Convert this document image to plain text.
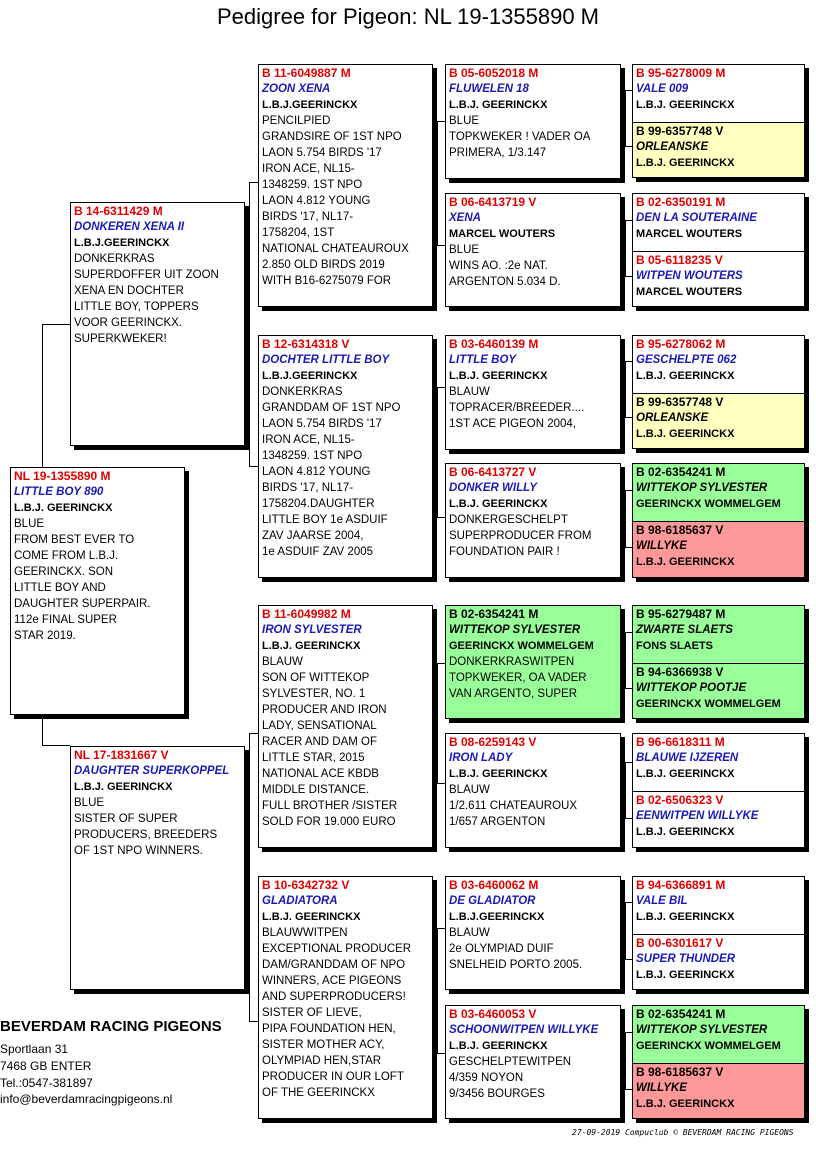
Pedigree for Pigeon: NL 19-1355890 M
NL 19-1355890 M
LITTLE BOY 890
L.B.J. GEERINCKX
BLUE
FROM BEST EVER TO
COME FROM L.B.J.
GEERINCKX. SON
LITTLE BOY AND
DAUGHTER SUPERPAIR.
112e FINAL SUPER
STAR 2019.
B 14-6311429 M
DONKEREN XENA II
L.B.J.GEERINCKX
DONKERKRAS
SUPERDOFFER UIT ZOON
XENA EN DOCHTER
LITTLE BOY, TOPPERS
VOOR GEERINCKX.
SUPERKWEKER!
NL 17-1831667 V
DAUGHTER SUPERKOPPEL
L.B.J. GEERINCKX
BLUE
SISTER OF SUPER
PRODUCERS, BREEDERS
OF 1ST NPO WINNERS.
B 11-6049887 M
ZOON XENA
L.B.J.GEERINCKX
PENCILPIED
GRANDSIRE OF 1ST NPO
LAON 5.754 BIRDS '17
IRON ACE, NL15-
1348259. 1ST NPO
LAON 4.812 YOUNG
BIRDS '17, NL17-
1758204, 1ST
NATIONAL CHATEAUROUX
2.850 OLD BIRDS 2019
WITH B16-6275079 FOR
B 12-6314318 V
DOCHTER LITTLE BOY
L.B.J.GEERINCKX
DONKERKRAS
GRANDDAM OF 1ST NPO
LAON 5.754 BIRDS '17
IRON ACE, NL15-
1348259. 1ST NPO
LAON 4.812 YOUNG
BIRDS '17, NL17-
1758204.DAUGHTER
LITTLE BOY 1e ASDUIF
ZAV JAARSE 2004,
1e ASDUIF ZAV 2005
B 11-6049982 M
IRON SYLVESTER
L.B.J. GEERINCKX
BLAUW
SON OF WITTEKOP
SYLVESTER, NO. 1
PRODUCER AND IRON
LADY, SENSATIONAL
RACER AND DAM OF
LITTLE STAR, 2015
NATIONAL ACE KBDB
MIDDLE DISTANCE.
FULL BROTHER /SISTER
SOLD FOR 19.000 EURO
B 10-6342732 V
GLADIATORA
L.B.J. GEERINCKX
BLAUWWITPEN
EXCEPTIONAL PRODUCER
DAM/GRANDDAM OF NPO
WINNERS, ACE PIGEONS
AND SUPERPRODUCERS!
SISTER OF LIEVE,
PIPA FOUNDATION HEN,
SISTER MOTHER ACY,
OLYMPIAD HEN,STAR
PRODUCER IN OUR LOFT
OF THE GEERINCKX
B 05-6052018 M
FLUWELEN 18
L.B.J. GEERINCKX
BLUE
TOPKWEKER ! VADER OA
PRIMERA, 1/3.147
B 06-6413719 V
XENA
MARCEL WOUTERS
BLUE
WINS AO. :2e NAT.
ARGENTON 5.034 D.
B 03-6460139 M
LITTLE BOY
L.B.J. GEERINCKX
BLAUW
TOPRACER/BREEDER....
1ST ACE PIGEON 2004,
B 06-6413727 V
DONKER WILLY
L.B.J. GEERINCKX
DONKERGESCHELPT
SUPERPRODUCER FROM
FOUNDATION PAIR !
B 02-6354241 M
WITTEKOP SYLVESTER
GEERINCKX WOMMELGEM
DONKERKRASWITPEN
TOPKWEKER, OA VADER
VAN ARGENTO, SUPER
B 08-6259143 V
IRON LADY
L.B.J. GEERINCKX
BLAUW
1/2.611 CHATEAUROUX
1/657 ARGENTON
B 03-6460062 M
DE GLADIATOR
L.B.J.GEERINCKX
BLAUW
2e OLYMPIAD DUIF
SNELHEID PORTO 2005.
B 03-6460053 V
SCHOONWITPEN WILLYKE
L.B.J. GEERINCKX
GESCHELPTEWITPEN
4/359 NOYON
9/3456 BOURGES
B 95-6278009 M
VALE 009
L.B.J. GEERINCKX
B 99-6357748 V
ORLEANSKE
L.B.J. GEERINCKX
B 02-6350191 M
DEN LA SOUTERAINE
MARCEL WOUTERS
B 05-6118235 V
WITPEN WOUTERS
MARCEL WOUTERS
B 95-6278062 M
GESCHELPTE 062
L.B.J. GEERINCKX
B 99-6357748 V
ORLEANSKE
L.B.J. GEERINCKX
B 02-6354241 M
WITTEKOP SYLVESTER
GEERINCKX WOMMELGEM
B 98-6185637 V
WILLYKE
L.B.J. GEERINCKX
B 95-6279487 M
ZWARTE SLAETS
FONS SLAETS
B 94-6366938 V
WITTEKOP POOTJE
GEERINCKX WOMMELGEM
B 96-6618311 M
BLAUWE IJZEREN
L.B.J. GEERINCKX
B 02-6506323 V
EENWITPEN WILLYKE
L.B.J. GEERINCKX
B 94-6366891 M
VALE BIL
L.B.J. GEERINCKX
B 00-6301617 V
SUPER THUNDER
L.B.J. GEERINCKX
B 02-6354241 M
WITTEKOP SYLVESTER
GEERINCKX WOMMELGEM
B 98-6185637 V
WILLYKE
L.B.J. GEERINCKX
BEVERDAM RACING PIGEONS
Sportlaan 31
7468 GB ENTER
Tel.:0547-381897
info@beverdamracingpigeons.nl
27-09-2019 Compuclub © BEVERDAM RACING PIGEONS
